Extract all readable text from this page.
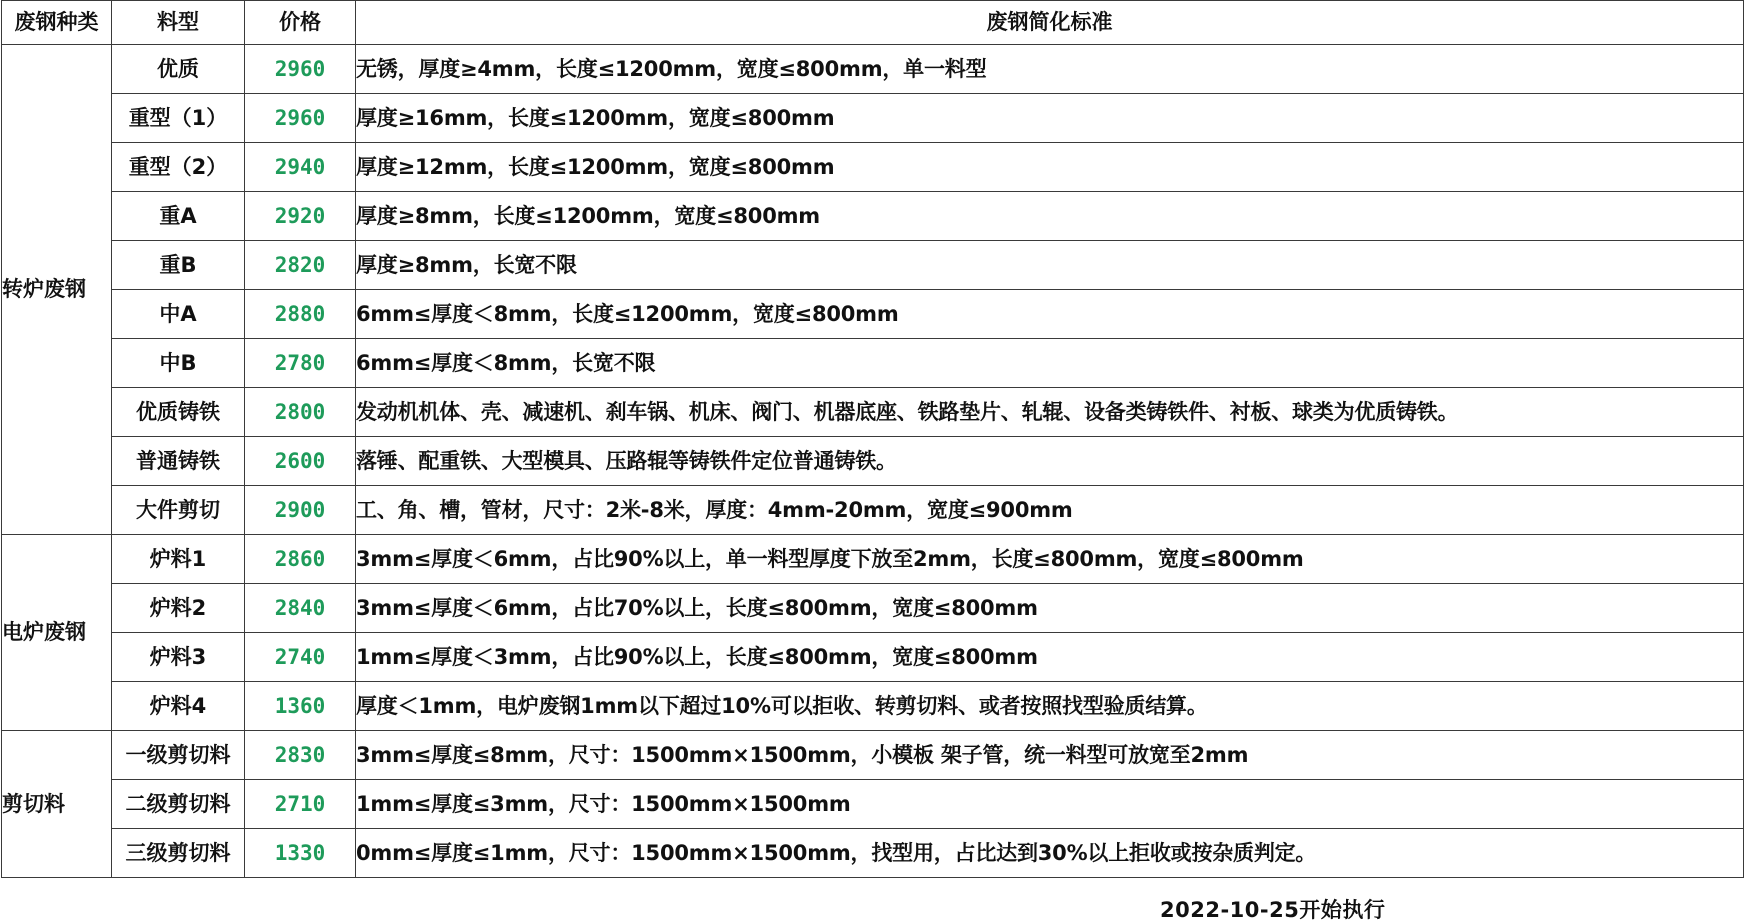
废钢种类	料型	价格	废钢简化标准
转炉废钢	优质	2960	无锈，厚度≥4mm，长度≤1200mm，宽度≤800mm，单一料型
	重型（1）	2960	厚度≥16mm，长度≤1200mm，宽度≤800mm
	重型（2）	2940	厚度≥12mm，长度≤1200mm，宽度≤800mm
	重A	2920	厚度≥8mm，长度≤1200mm，宽度≤800mm
	重B	2820	厚度≥8mm，长宽不限
	中A	2880	6mm≤厚度＜8mm，长度≤1200mm，宽度≤800mm
	中B	2780	6mm≤厚度＜8mm，长宽不限
	优质铸铁	2800	发动机机体、壳、减速机、刹车锅、机床、阀门、机器底座、铁路垫片、轧辊、设备类铸铁件、衬板、球类为优质铸铁。
	普通铸铁	2600	落锤、配重铁、大型模具、压路辊等铸铁件定位普通铸铁。
	大件剪切	2900	工、角、槽，管材，尺寸：2米-8米，厚度：4mm-20mm，宽度≤900mm
电炉废钢	炉料1	2860	3mm≤厚度＜6mm，占比90%以上，单一料型厚度下放至2mm，长度≤800mm，宽度≤800mm
	炉料2	2840	3mm≤厚度＜6mm，占比70%以上，长度≤800mm，宽度≤800mm
	炉料3	2740	1mm≤厚度＜3mm，占比90%以上，长度≤800mm，宽度≤800mm
	炉料4	1360	厚度＜1mm，电炉废钢1mm以下超过10%可以拒收、转剪切料、或者按照找型验质结算。
剪切料	一级剪切料	2830	3mm≤厚度≤8mm，尺寸：1500mm×1500mm，小模板 架子管，统一料型可放宽至2mm
	二级剪切料	2710	1mm≤厚度≤3mm，尺寸：1500mm×1500mm
	三级剪切料	1330	0mm≤厚度≤1mm，尺寸：1500mm×1500mm，找型用，占比达到30%以上拒收或按杂质判定。
2022-10-25开始执行
